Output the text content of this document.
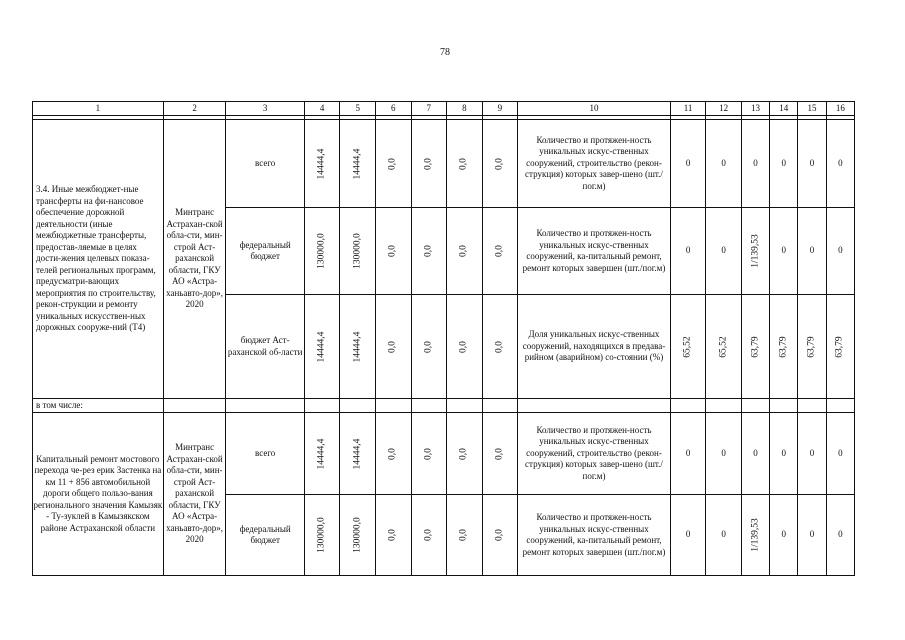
78
1	2	3	4	5	6	7	8	9	10	11	12	13	14	15	16

3.4. Иные межбюджет-ные трансферты на фи-нансовое обеспечение дорожной деятельности (иные межбюджетные трансферты, предостав-ляемые в целях дости-жения целевых показа-телей региональных программ, предусматри-вающих мероприятия по строительству, рекон-струкции и ремонту уникальных искусствен-ных дорожных сооруже-ний (Т4)	Минтранс Астрахан-ской обла-сти, мин-строй Аст-раханской области, ГКУ АО «Астра-ханьавто-дор», 2020	всего	14444,4	14444,4	0,0	0,0	0,0	0,0	Количество и протяжен-ность уникальных искус-ственных сооружений, строительство (рекон-струкция) которых завер-шено (шт./пог.м)	0	0	0	0	0	0
		федеральный бюджет	130000,0	130000,0	0,0	0,0	0,0	0,0	Количество и протяжен-ность уникальных искус-ственных сооружений, ка-питальный ремонт, ремонт которых завершен (шт./пог.м)	0	0	1/139,53	0	0	0
		бюджет Аст-раханской об-ласти	14444,4	14444,4	0,0	0,0	0,0	0,0	Доля уникальных искус-ственных сооружений, находящихся в предава-рийном (аварийном) со-стоянии (%)	65,52	65,52	63,79	63,79	63,79	63,79

в том числе:															
Капитальный ремонт мостового перехода че-рез ерик Застенка на км 11 + 856 автомобильной дороги общего пользо-вания регионального значения Камызяк - Ту-зуклей в Камызякском районе Астраханской области	Минтранс Астрахан-ской обла-сти, мин-строй Аст-раханской области, ГКУ АО «Астра-ханьавто-дор», 2020	всего	14444,4	14444,4	0,0	0,0	0,0	0,0	Количество и протяжен-ность уникальных искус-ственных сооружений, строительство (рекон-струкция) которых завер-шено (шт./пог.м)	0	0	0	0	0	0
		федеральный бюджет	130000,0	130000,0	0,0	0,0	0,0	0,0	Количество и протяжен-ность уникальных искус-ственных сооружений, ка-питальный ремонт, ремонт которых завершен (шт./пог.м)	0	0	1/139,53	0	0	0
